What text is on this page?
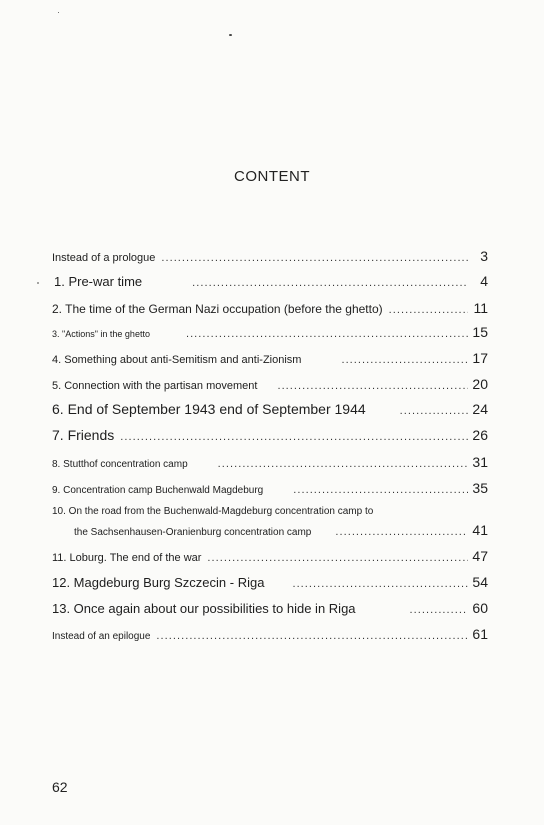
CONTENT
Instead of a prologue . . .	3
1. Pre-war time . . .	4
2. The time of the German Nazi occupation (before the ghetto) . . .	11
3. "Actions" in the ghetto . . .	15
4. Something about anti-Semitism and anti-Zionism . . .	17
5. Connection with the partisan movement . . .	20
6. End of September 1943 end of September 1944 . . .	24
7. Friends . . .	26
8. Stutthof concentration camp . . .	31
9. Concentration camp Buchenwald Magdeburg . . .	35
10. On the road from the Buchenwald-Magdeburg concentration camp to
the Sachsenhausen-Oranienburg concentration camp . . .	41
11. Loburg. The end of the war . . .	47
12. Magdeburg Burg Szczecin - Riga . . .	54
13. Once again about our possibilities to hide in Riga . . .	60
Instead of an epilogue . . .	61
62
